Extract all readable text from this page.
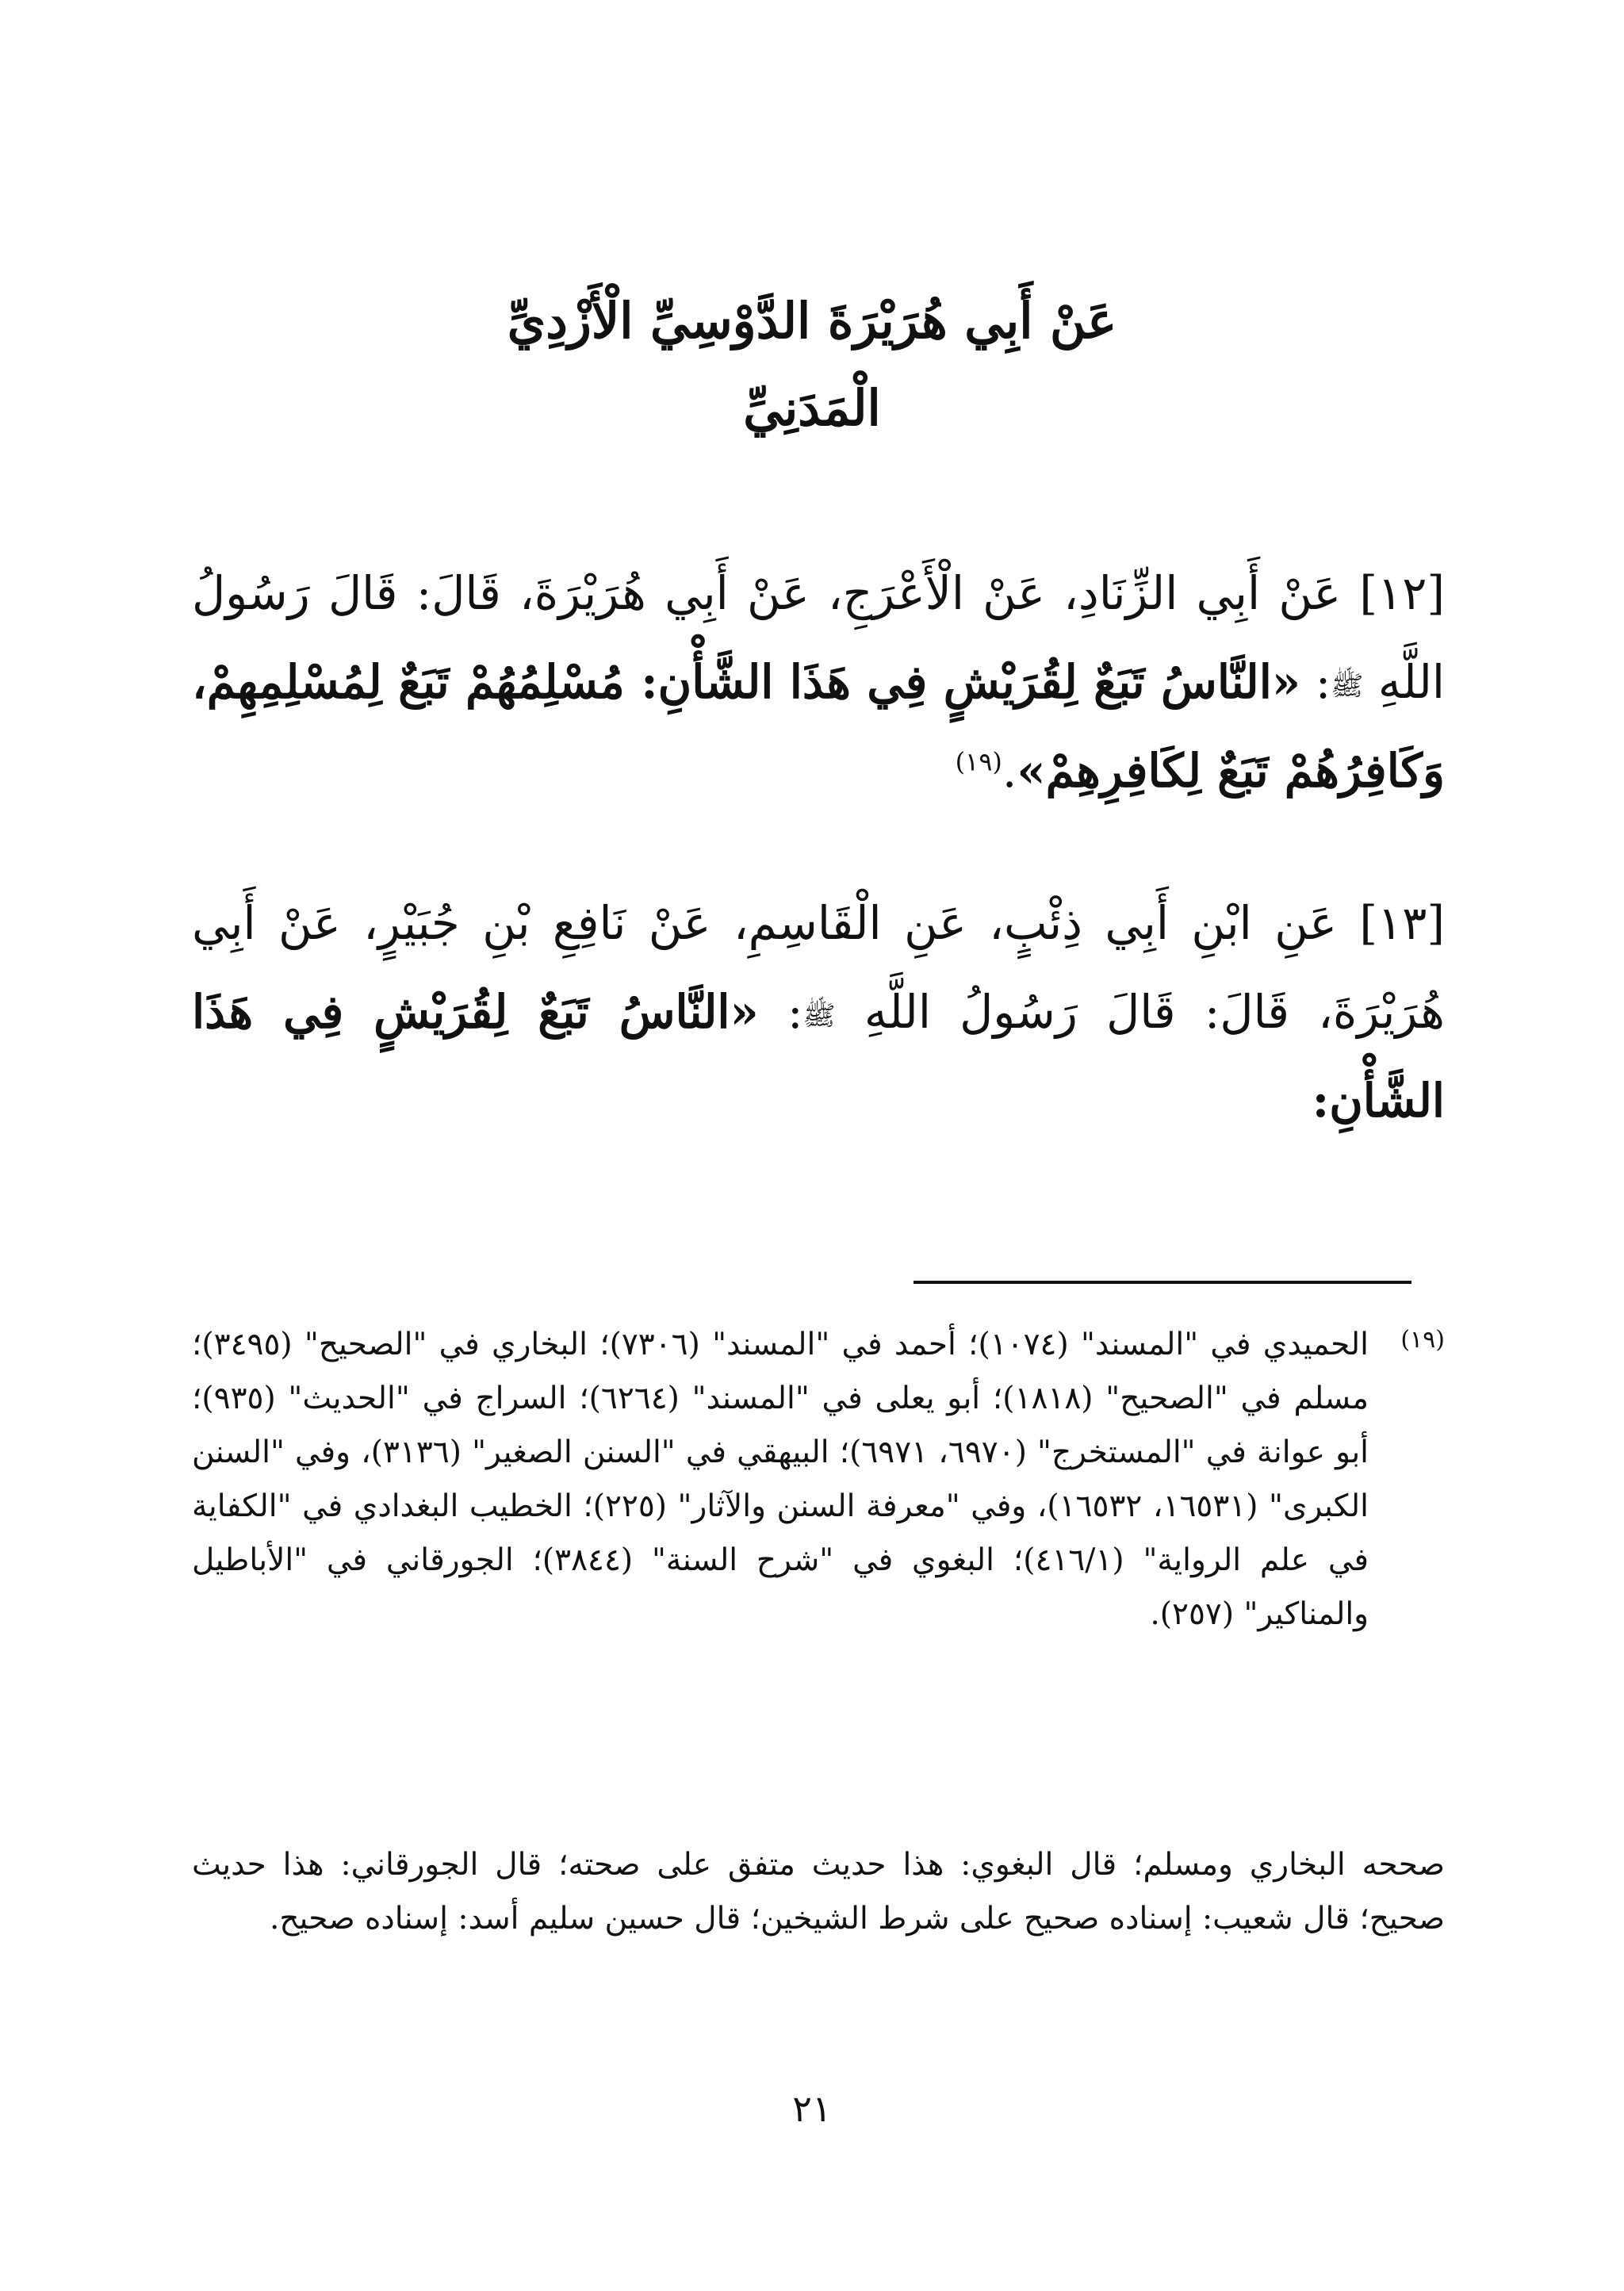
عَنْ أَبِي هُرَيْرَةَ الدَّوْسِيِّ الْأَزْدِيِّ
الْمَدَنِيِّ
[١٢] عَنْ أَبِي الزِّنَادِ، عَنْ الْأَعْرَجِ، عَنْ أَبِي هُرَيْرَةَ، قَالَ: قَالَ رَسُولُ اللَّهِ ﷺ: «النَّاسُ تَبَعٌ لِقُرَيْشٍ فِي هَذَا الشَّأْنِ: مُسْلِمُهُمْ تَبَعٌ لِمُسْلِمِهِمْ، وَكَافِرُهُمْ تَبَعٌ لِكَافِرِهِمْ».$^{(١٩)}$
[١٣] عَنِ ابْنِ أَبِي ذِئْبٍ، عَنِ الْقَاسِمِ، عَنْ نَافِعِ بْنِ جُبَيْرٍ، عَنْ أَبِي هُرَيْرَةَ، قَالَ: قَالَ رَسُولُ اللَّهِ ﷺ: «النَّاسُ تَبَعٌ لِقُرَيْشٍ فِي هَذَا الشَّأْنِ:
(١٩)
الحميدي في "المسند" (١٠٧٤)؛ أحمد في "المسند" (٧٣٠٦)؛ البخاري في "الصحيح" (٣٤٩٥)؛ مسلم في "الصحيح" (١٨١٨)؛ أبو يعلى في "المسند" (٦٢٦٤)؛ السراج في "الحديث" (٩٣٥)؛ أبو عوانة في "المستخرج" (٦٩٧٠، ٦٩٧١)؛ البيهقي في "السنن الصغير" (٣١٣٦)، وفي "السنن الكبرى" (١٦٥٣١، ١٦٥٣٢)، وفي "معرفة السنن والآثار" (٢٢٥)؛ الخطيب البغدادي في "الكفاية في علم الرواية" (٤١٦/١)؛ البغوي في "شرح السنة" (٣٨٤٤)؛ الجورقاني في "الأباطيل والمناكير" (٢٥٧).
صححه البخاري ومسلم؛ قال البغوي: هذا حديث متفق على صحته؛ قال الجورقاني: هذا حديث صحيح؛ قال شعيب: إسناده صحيح على شرط الشيخين؛ قال حسين سليم أسد: إسناده صحيح.
٢١
